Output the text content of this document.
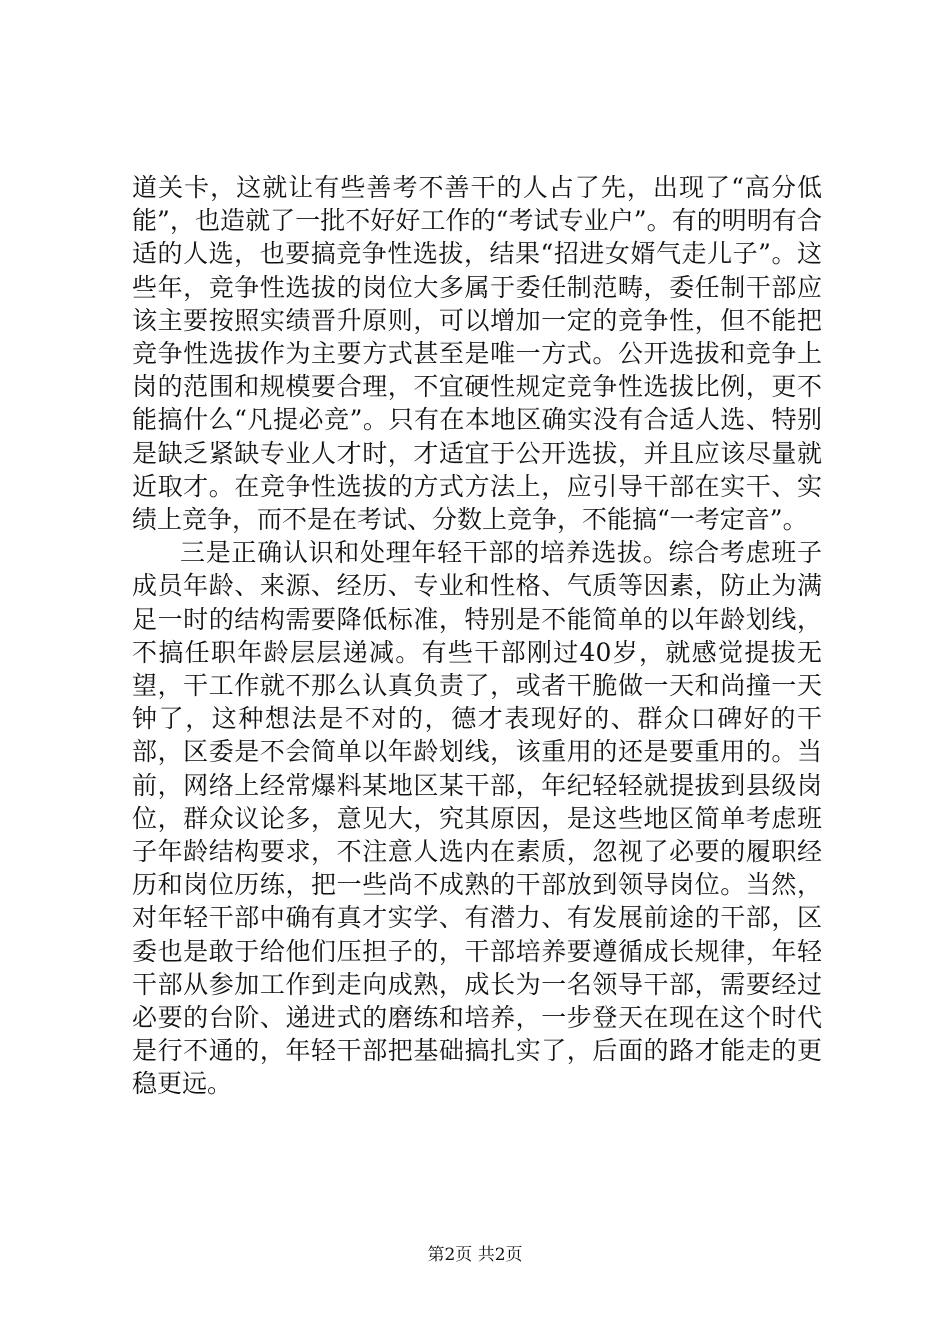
道关卡，这就让有些善考不善干的人占了先，出现了“高分低能”，也造就了一批不好好工作的“考试专业户”。有的明明有合适的人选，也要搞竞争性选拔，结果“招进女婿气走儿子”。这些年，竞争性选拔的岗位大多属于委任制范畴，委任制干部应该主要按照实绩晋升原则，可以增加一定的竞争性，但不能把竞争性选拔作为主要方式甚至是唯一方式。公开选拔和竞争上岗的范围和规模要合理，不宜硬性规定竞争性选拔比例，更不能搞什么“凡提必竞”。只有在本地区确实没有合适人选、特别是缺乏紧缺专业人才时，才适宜于公开选拔，并且应该尽量就近取才。在竞争性选拔的方式方法上，应引导干部在实干、实绩上竞争，而不是在考试、分数上竞争，不能搞“一考定音”。

三是正确认识和处理年轻干部的培养选拔。综合考虑班子成员年龄、来源、经历、专业和性格、气质等因素，防止为满足一时的结构需要降低标准，特别是不能简单的以年龄划线，不搞任职年龄层层递减。有些干部刚过40岁，就感觉提拔无望，干工作就不那么认真负责了，或者干脆做一天和尚撞一天钟了，这种想法是不对的，德才表现好的、群众口碑好的干部，区委是不会简单以年龄划线，该重用的还是要重用的。当前，网络上经常爆料某地区某干部，年纪轻轻就提拔到县级岗位，群众议论多，意见大，究其原因，是这些地区简单考虑班子年龄结构要求，不注意人选内在素质，忽视了必要的履职经历和岗位历练，把一些尚不成熟的干部放到领导岗位。当然，对年轻干部中确有真才实学、有潜力、有发展前途的干部，区委也是敢于给他们压担子的，干部培养要遵循成长规律，年轻干部从参加工作到走向成熟，成长为一名领导干部，需要经过必要的台阶、递进式的磨练和培养，一步登天在现在这个时代是行不通的，年轻干部把基础搞扎实了，后面的路才能走的更稳更远。

第2页 共2页
